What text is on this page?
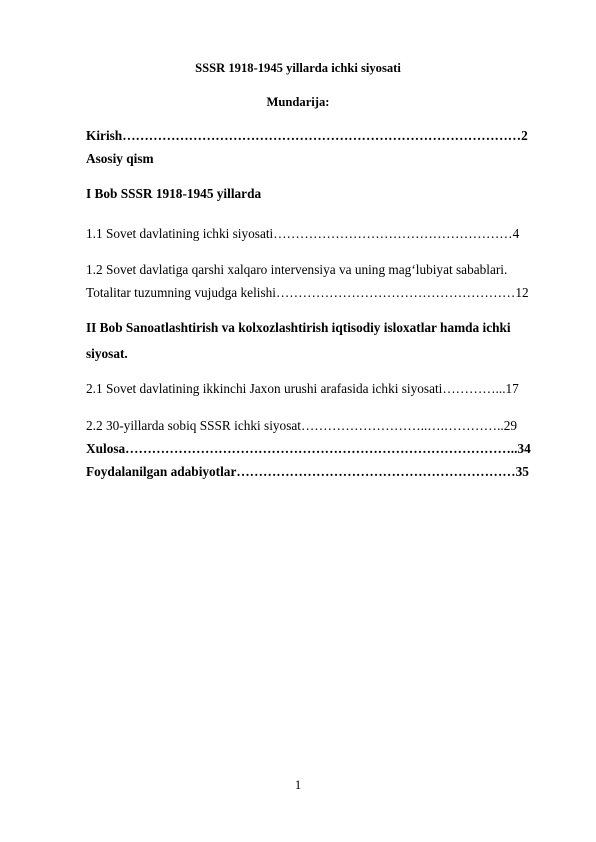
SSSR 1918-1945 yillarda ichki siyosati
Mundarija:
Kirish………………………………………………………………………………2
Asosiy qism
I Bob SSSR 1918-1945 yillarda
1.1 Sovet davlatining ichki siyosati………………………………………………4
1.2 Sovet davlatiga qarshi xalqaro intervensiya va uning mag‘lubiyat sabablari.
Totalitar tuzumning vujudga kelishi………………………………………………12
II Bob Sanoatlashtirish va kolxozlashtirish iqtisodiy isloxatlar hamda ichki
siyosat.
2.1 Sovet davlatining ikkinchi Jaxon urushi arafasida ichki siyosati…………...17
2.2 30-yillarda sobiq SSSR ichki siyosat………………………..….…………..29
Xulosa……………………………………………………………………………..34
Foydalanilgan adabiyotlar………………………………………………………35
1
